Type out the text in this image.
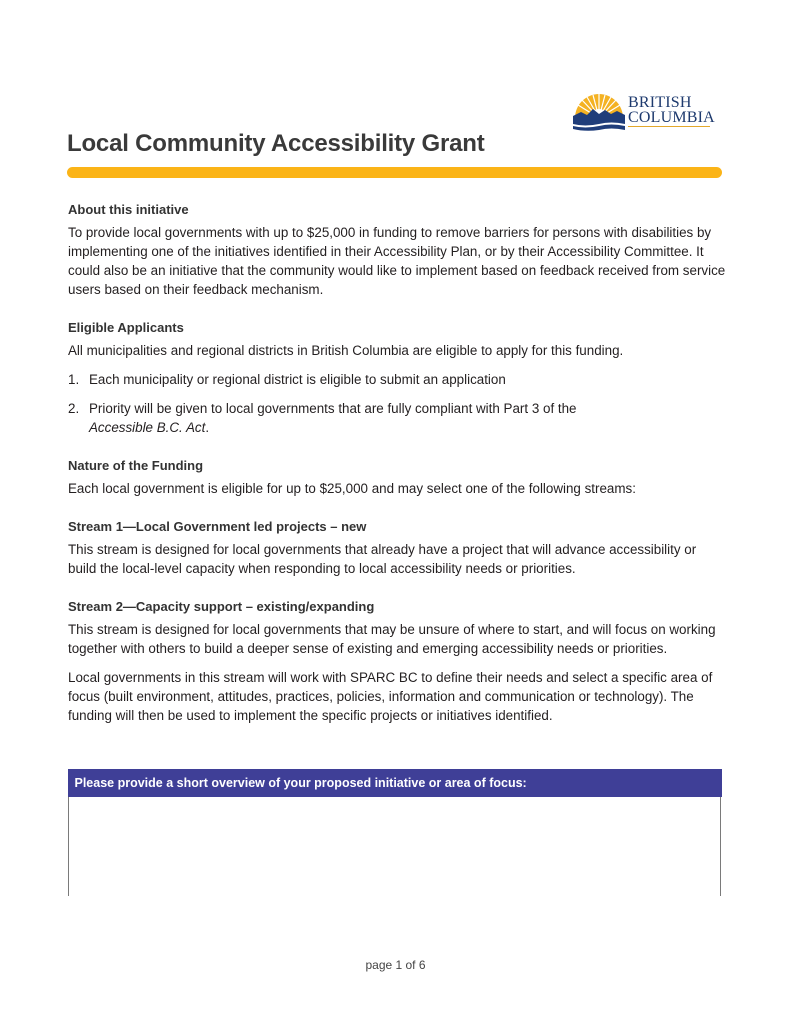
BRITISH
COLUMBIA
Local Community Accessibility Grant
About this initiative

To provide local governments with up to $25,000 in funding to remove barriers for persons with disabilities by implementing one of the initiatives identified in their Accessibility Plan, or by their Accessibility Committee. It could also be an initiative that the community would like to implement based on feedback received from service users based on their feedback mechanism.

Eligible Applicants

All municipalities and regional districts in British Columbia are eligible to apply for this funding.

1. Each municipality or regional district is eligible to submit an application
2. Priority will be given to local governments that are fully compliant with Part 3 of the
Accessible B.C. Act.
Nature of the Funding

Each local government is eligible for up to $25,000 and may select one of the following streams:

Stream 1—Local Government led projects – new

This stream is designed for local governments that already have a project that will advance accessibility or build the local-level capacity when responding to local accessibility needs or priorities.

Stream 2—Capacity support – existing/expanding

This stream is designed for local governments that may be unsure of where to start, and will focus on working together with others to build a deeper sense of existing and emerging accessibility needs or priorities.

Local governments in this stream will work with SPARC BC to define their needs and select a specific area of focus (built environment, attitudes, practices, policies, information and communication or technology). The funding will then be used to implement the specific projects or initiatives identified.

Please provide a short overview of your proposed initiative or area of focus:
page 1 of 6
